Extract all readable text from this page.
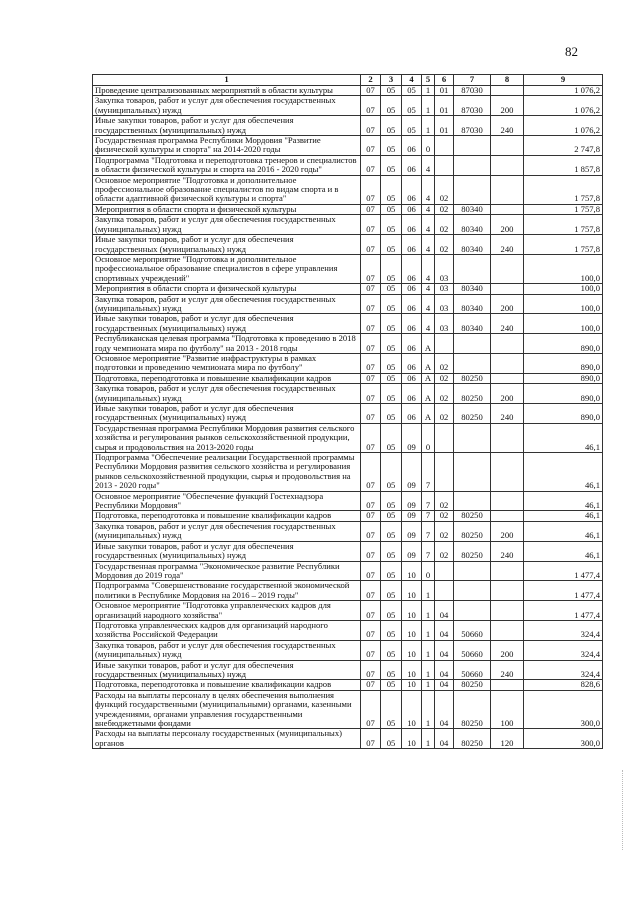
82
1	2	3	4	5	6	7	8	9
Проведение централизованных мероприятий в области культуры	07	05	05	1	01	87030		1 076,2
Закупка товаров, работ и услуг для обеспечения государственных (муниципальных) нужд	07	05	05	1	01	87030	200	1 076,2
Иные закупки товаров, работ и услуг для обеспечения государственных (муниципальных) нужд	07	05	05	1	01	87030	240	1 076,2
Государственная программа Республики Мордовия "Развитие физической культуры и спорта" на 2014-2020 годы	07	05	06	0				2 747,8
Подпрограмма "Подготовка и переподготовка тренеров и специалистов в области физической культуры и спорта на 2016 - 2020 годы"	07	05	06	4				1 857,8
Основное мероприятие "Подготовка и дополнительное профессиональное образование специалистов по видам спорта и в области адаптивной физической культуры и спорта"	07	05	06	4	02			1 757,8
Мероприятия в области спорта и физической культуры	07	05	06	4	02	80340		1 757,8
Закупка товаров, работ и услуг для обеспечения государственных (муниципальных) нужд	07	05	06	4	02	80340	200	1 757,8
Иные закупки товаров, работ и услуг для обеспечения государственных (муниципальных) нужд	07	05	06	4	02	80340	240	1 757,8
Основное мероприятие "Подготовка и дополнительное профессиональное образование специалистов в сфере управления спортивных учреждений"	07	05	06	4	03			100,0
Мероприятия в области спорта и физической культуры	07	05	06	4	03	80340		100,0
Закупка товаров, работ и услуг для обеспечения государственных (муниципальных) нужд	07	05	06	4	03	80340	200	100,0
Иные закупки товаров, работ и услуг для обеспечения государственных (муниципальных) нужд	07	05	06	4	03	80340	240	100,0
Республиканская целевая программа "Подготовка к проведению в 2018 году чемпионата мира по футболу" на 2013 - 2018 годы	07	05	06	А				890,0
Основное мероприятие "Развитие инфраструктуры в рамках подготовки и проведению чемпионата мира по футболу"	07	05	06	А	02			890,0
Подготовка, переподготовка и повышение квалификации кадров	07	05	06	А	02	80250		890,0
Закупка товаров, работ и услуг для обеспечения государственных (муниципальных) нужд	07	05	06	А	02	80250	200	890,0
Иные закупки товаров, работ и услуг для обеспечения государственных (муниципальных) нужд	07	05	06	А	02	80250	240	890,0
Государственная программа Республики Мордовия развития сельского хозяйства и регулирования рынков сельскохозяйственной продукции, сырья и продовольствия на 2013-2020 годы	07	05	09	0				46,1
Подпрограмма "Обеспечение реализации Государственной программы Республики Мордовия развития сельского хозяйства и регулирования рынков сельскохозяйственной продукции, сырья и продовольствия на 2013 - 2020 годы"	07	05	09	7				46,1
Основное мероприятие "Обеспечение функций Гостехнадзора Республики Мордовия"	07	05	09	7	02			46,1
Подготовка, переподготовка и повышение квалификации кадров	07	05	09	7	02	80250		46,1
Закупка товаров, работ и услуг для обеспечения государственных (муниципальных) нужд	07	05	09	7	02	80250	200	46,1
Иные закупки товаров, работ и услуг для обеспечения государственных (муниципальных) нужд	07	05	09	7	02	80250	240	46,1
Государственная программа "Экономическое развитие Республики Мордовия до 2019 года"	07	05	10	0				1 477,4
Подпрограмма "Совершенствование государственной экономической политики в Республике Мордовия на 2016 – 2019 годы"	07	05	10	1				1 477,4
Основное мероприятие "Подготовка управленческих кадров для организаций народного хозяйства"	07	05	10	1	04			1 477,4
Подготовка управленческих кадров для организаций народного хозяйства Российской Федерации	07	05	10	1	04	50660		324,4
Закупка товаров, работ и услуг для обеспечения государственных (муниципальных) нужд	07	05	10	1	04	50660	200	324,4
Иные закупки товаров, работ и услуг для обеспечения государственных (муниципальных) нужд	07	05	10	1	04	50660	240	324,4
Подготовка, переподготовка и повышение квалификации кадров	07	05	10	1	04	80250		828,6
Расходы на выплаты персоналу в целях обеспечения выполнения функций государственными (муниципальными) органами, казенными учреждениями, органами управления государственными внебюджетными фондами	07	05	10	1	04	80250	100	300,0
Расходы на выплаты персоналу государственных (муниципальных) органов	07	05	10	1	04	80250	120	300,0
